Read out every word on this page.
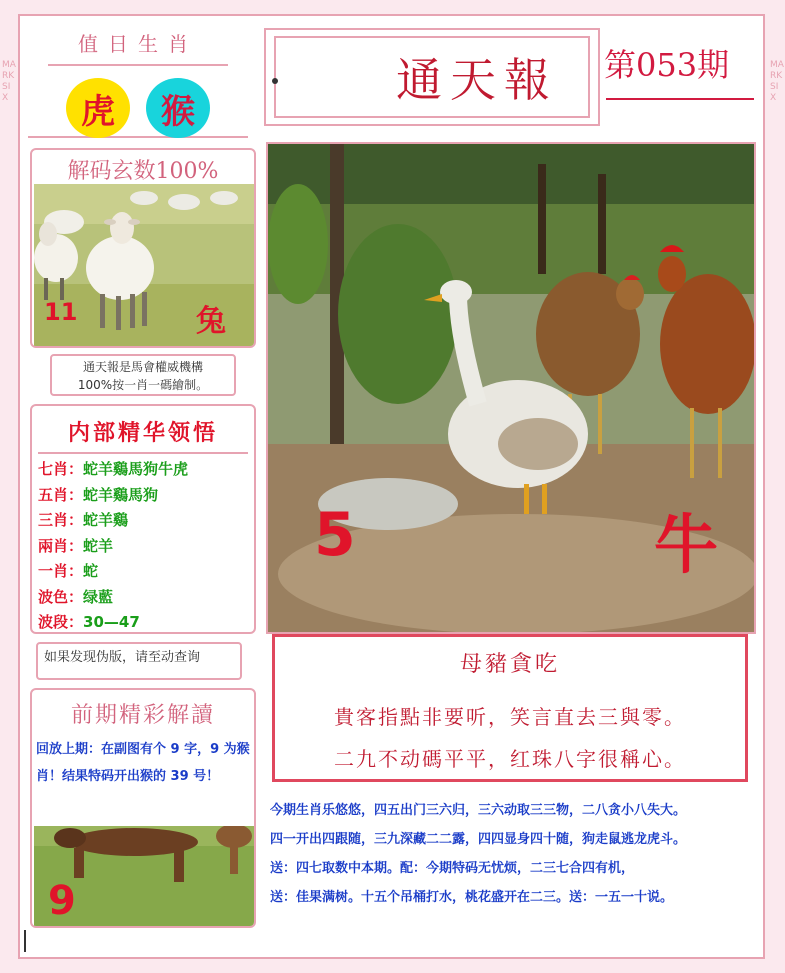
MARK SIX
MARK SIX
值日生肖
虎	猴
解码玄数100%
11	兔
通天報是馬會權威機構
100%按一肖一碼繪制。
内部精华领悟
七肖：蛇羊鷄馬狗牛虎
五肖：蛇羊鷄馬狗
三肖：蛇羊鷄
兩肖：蛇羊
一肖：蛇
波色：绿藍
波段：30—47
如果发现伪版，请至动查询
前期精彩解讀
回放上期：在副图有个 9 字，9 为猴肖！结果特码开出猴的 39 号！
9
通天報 第053期
5	牛
母豬貪吃
貴客指點非要听，笑言直去三與零。
二九不动碼平平，红珠八字很稱心。
今期生肖乐悠悠，四五出门三六归，三六动取三三物，二八贪小八失大。
四一开出四跟随，三九深藏二二露，四四显身四十随，狗走鼠逃龙虎斗。
送：四七取数中本期。配：今期特码无忧烦，二三七合四有机，
送：佳果满树。十五个吊桶打水，桃花盛开在二三。送：一五一十说。
